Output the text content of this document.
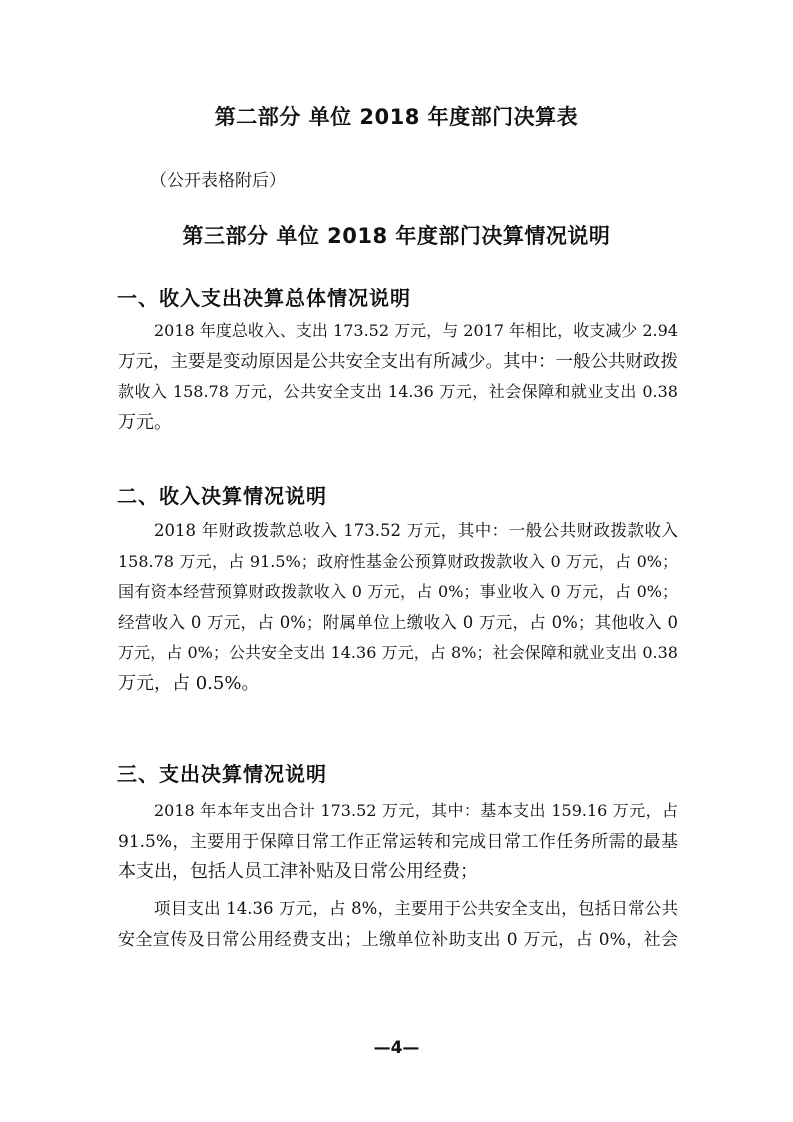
第二部分 单位 2018 年度部门决算表
（公开表格附后）
第三部分 单位 2018 年度部门决算情况说明
一、收入支出决算总体情况说明
2018 年度总收入、支出 173.52 万元，与 2017 年相比，收支减少 2.94
万元，主要是变动原因是公共安全支出有所减少。其中：一般公共财政拨
款收入 158.78 万元，公共安全支出 14.36 万元，社会保障和就业支出 0.38
万元。
二、收入决算情况说明
2018 年财政拨款总收入 173.52 万元，其中：一般公共财政拨款收入
158.78 万元，占 91.5%；政府性基金公预算财政拨款收入 0 万元，占 0%；
国有资本经营预算财政拨款收入 0 万元，占 0%；事业收入 0 万元，占 0%；
经营收入 0 万元，占 0%；附属单位上缴收入 0 万元，占 0%；其他收入 0
万元，占 0%；公共安全支出 14.36 万元，占 8%；社会保障和就业支出 0.38
万元，占 0.5%。
三、支出决算情况说明
2018 年本年支出合计 173.52 万元，其中：基本支出 159.16 万元，占
91.5%，主要用于保障日常工作正常运转和完成日常工作任务所需的最基
本支出，包括人员工津补贴及日常公用经费；
项目支出 14.36 万元，占 8%，主要用于公共安全支出，包括日常公共
安全宣传及日常公用经费支出；上缴单位补助支出 0 万元，占 0%，社会
—4—
